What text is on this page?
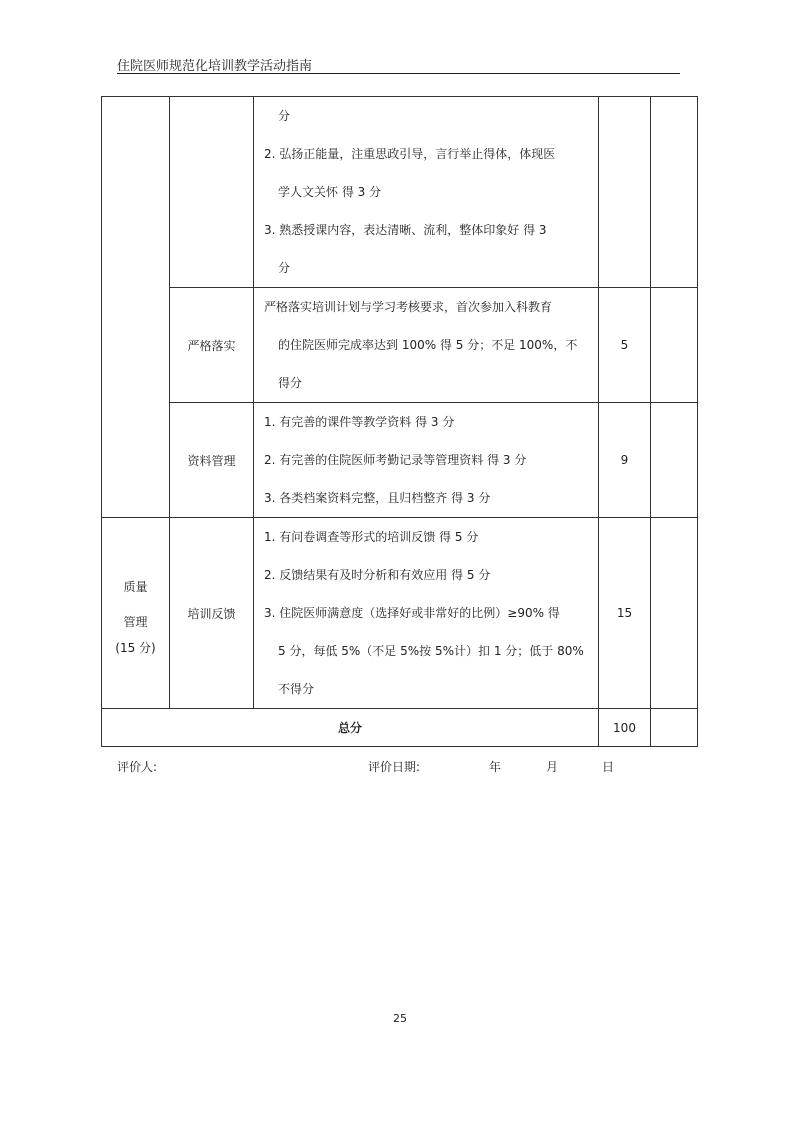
住院医师规范化培训教学活动指南

		分
2. 弘扬正能量，注重思政引导，言行举止得体，体现医
学人文关怀 得 3 分
3. 熟悉授课内容，表达清晰、流利，整体印象好 得 3
分		

	严格落实	严格落实培训计划与学习考核要求，首次参加入科教育
的住院医师完成率达到 100% 得 5 分；不足 100%，不
得分	5	
	资料管理	1. 有完善的课件等教学资料 得 3 分
2. 有完善的住院医师考勤记录等管理资料 得 3 分
3. 各类档案资料完整，且归档整齐 得 3 分	9	

质量
管理
(15 分)	培训反馈	1. 有问卷调查等形式的培训反馈 得 5 分
2. 反馈结果有及时分析和有效应用 得 5 分
3. 住院医师满意度（选择好或非常好的比例）≥90% 得
5 分，每低 5%（不足 5%按 5%计）扣 1 分；低于 80%
不得分	15	
总分			100	
评价人:	评价日期:	年	月	日
25
